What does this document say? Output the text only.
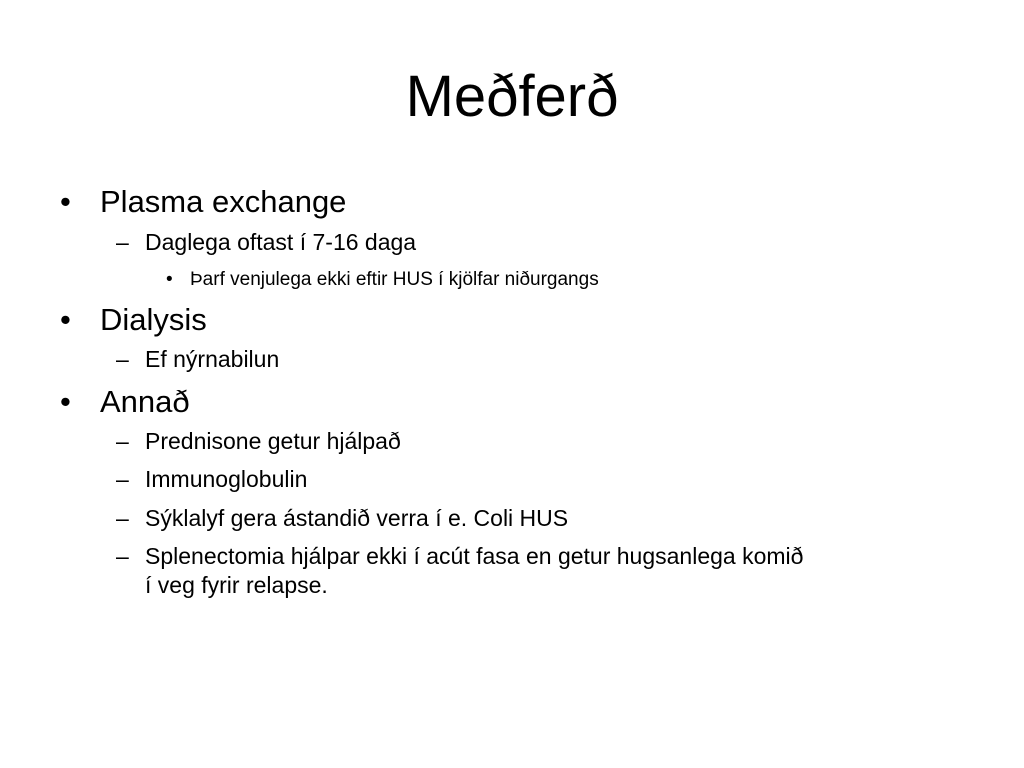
Meðferð
• Plasma exchange
– Daglega oftast í 7-16 daga
• Þarf venjulega ekki eftir HUS í kjölfar niðurgangs
• Dialysis
– Ef nýrnabilun
• Annað
– Prednisone getur hjálpað
– Immunoglobulin
– Sýklalyf gera ástandið verra í e. Coli HUS
– Splenectomia hjálpar ekki í acút fasa en getur hugsanlega komið
í veg fyrir relapse.
